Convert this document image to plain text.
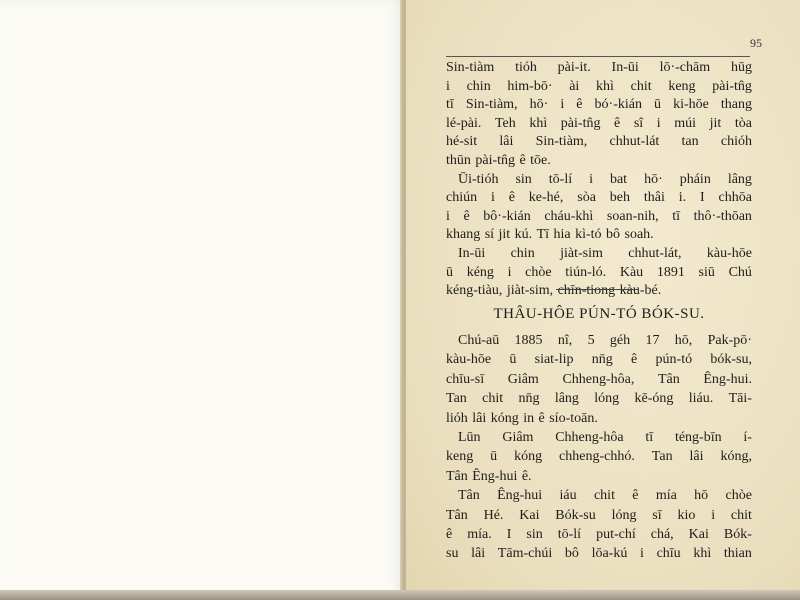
95
Sin-tiàm tióh pài-it. In-ūi lō·-chām hūg
i chin him-bō· ài khì chit keng pài-tn̂g
tī Sin-tiàm, hō· i ê bó·-kián ū ki-hōe thang
lé-pài. Teh khì pài-tn̂g ê sî i múi jit tòa
hé-sit lâi Sin-tiàm, chhut-lát tan chióh
thūn pài-tn̂g ê tōe.
Ūi-tióh sin tō-lí i bat hō· pháin lâng
chiún i ê ke-hé, sòa beh thâi i. I chhōa
i ê bô·-kián cháu-khì soan-nih, tī thô·-thōan
khang sí jit kú. Tī hia kì-tó bô soah.
In-ūi chin jiàt-sim chhut-lát, kàu-hōe
ū kéng i chòe tiún-ló. Kàu 1891 siū Chú
kéng-tiàu, jiàt-sim, chīn-tiong kàu-bé.
THÂU-HÔE PÚN-TÓ BÓK-SU.
Chú-aū 1885 nî, 5 géh 17 hō, Pak-pō·
kàu-hōe ū siat-lip nn̄g ê pún-tó bók-su,
chīu-sī Giâm Chheng-hôa, Tân Êng-hui.
Tan chit nn̄g lâng lóng kē-óng liáu. Tāi-
lióh lâi kóng in ê sío-toān.
Lūn Giâm Chheng-hôa tī téng-bīn í-
keng ū kóng chheng-chhó. Tan lâi kóng,
Tân Êng-hui ê.
Tân Êng-hui iáu chit ê mía hō chòe
Tân Hé. Kai Bók-su lóng sī kio i chit
ê mía. I sin tō-lí put-chí chá, Kai Bók-
su lâi Tām-chúi bô lōa-kú i chīu khì thian
